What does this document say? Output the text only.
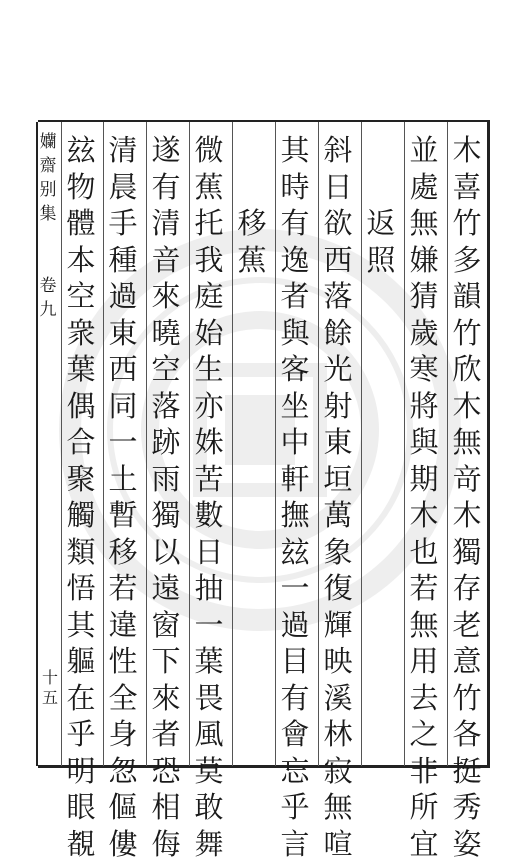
孏
齋
别
集
卷
九
十
五
木
喜
竹
多
韻
竹
欣
木
無
竒
木
獨
存
老
意
竹
各
挺
秀
姿
並
處
無
嫌
猜
歲
寒
將
與
期
木
也
若
無
用
去
之
非
所
宜
返
照
斜
日
欲
西
落
餘
光
射
東
垣
萬
象
復
輝
映
溪
林
寂
無
喧
其
時
有
逸
者
與
客
坐
中
軒
撫
玆
一
過
目
有
會
忘
乎
言
移
蕉
微
蕉
托
我
庭
始
生
亦
姝
苦
數
日
抽
一
葉
畏
風
莫
敢
舞
遂
有
清
音
來
曉
空
落
跡
雨
獨
以
遠
窗
下
來
者
恐
相
侮
清
晨
手
種
過
東
西
同
一
土
暫
移
若
違
性
全
身
忽
傴
僂
玆
物
體
本
空
衆
葉
偶
合
聚
觸
類
悟
其
軀
在
乎
明
眼
覩
